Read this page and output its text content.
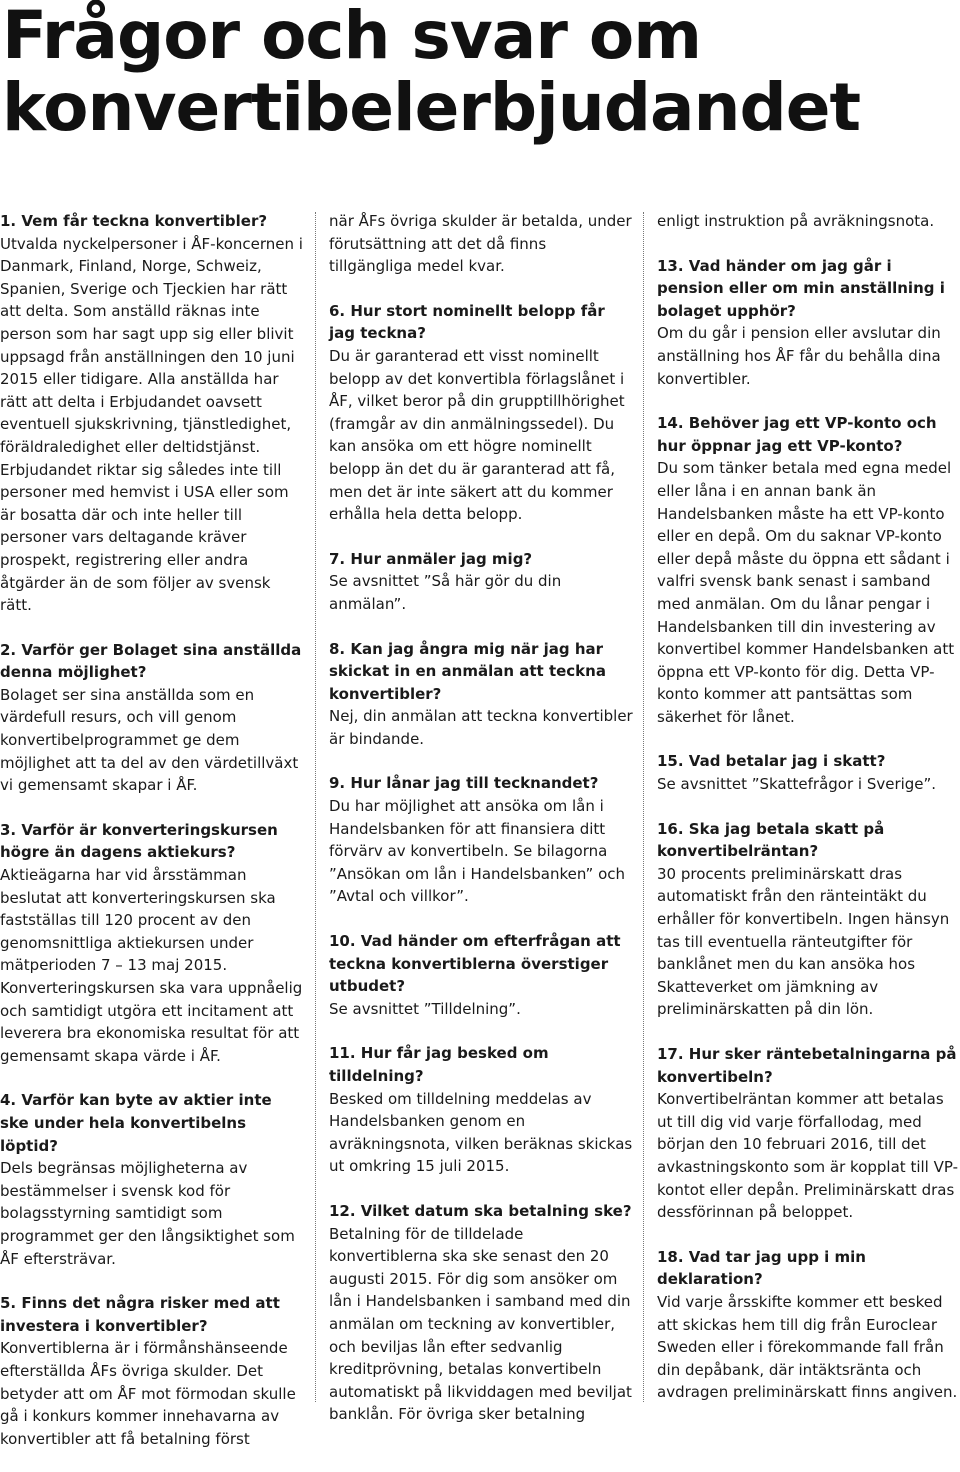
Frågor och svar om konvertibelerbjudandet

1. Vem får teckna konvertibler?

Utvalda nyckelpersoner i ÅF-koncernen i Danmark, Finland, Norge, Schweiz, Spanien, Sverige och Tjeckien har rätt att delta. Som anställd räknas inte person som har sagt upp sig eller blivit uppsagd från anställningen den 10 juni 2015 eller tidigare. Alla anställda har rätt att delta i Erbjudandet oavsett eventuell sjukskrivning, tjänstledighet, föräldraledighet eller deltidstjänst. Erbjudandet riktar sig således inte till personer med hemvist i USA eller som är bosatta där och inte heller till personer vars deltagande kräver prospekt, registrering eller andra åtgärder än de som följer av svensk rätt.

2. Varför ger Bolaget sina anställda denna möjlighet?

Bolaget ser sina anställda som en värdefull resurs, och vill genom konvertibelprogrammet ge dem möjlighet att ta del av den värdetillväxt vi gemensamt skapar i ÅF.

3. Varför är konverteringskursen högre än dagens aktiekurs?

Aktieägarna har vid årsstämman beslutat att konverteringskursen ska fastställas till 120 procent av den genomsnittliga aktiekursen under mätperioden 7 – 13 maj 2015. Konverteringskursen ska vara uppnåelig och samtidigt utgöra ett incitament att leverera bra ekonomiska resultat för att gemensamt skapa värde i ÅF.

4. Varför kan byte av aktier inte ske under hela konvertibelns löptid?

Dels begränsas möjligheterna av bestämmelser i svensk kod för bolagsstyrning samtidigt som programmet ger den långsiktighet som ÅF eftersträvar.

5. Finns det några risker med att investera i konvertibler?

Konvertiblerna är i förmånshänseende efterställda ÅFs övriga skulder. Det betyder att om ÅF mot förmodan skulle gå i konkurs kommer innehavarna av konvertibler att få betalning först

när ÅFs övriga skulder är betalda, under förutsättning att det då finns tillgängliga medel kvar.

6. Hur stort nominellt belopp får jag teckna?

Du är garanterad ett visst nominellt belopp av det konvertibla förlagslånet i ÅF, vilket beror på din grupptillhörighet (framgår av din anmälningssedel). Du kan ansöka om ett högre nominellt belopp än det du är garanterad att få, men det är inte säkert att du kommer erhålla hela detta belopp.

7. Hur anmäler jag mig?

Se avsnittet ”Så här gör du din anmälan”.

8. Kan jag ångra mig när jag har skickat in en anmälan att teckna konvertibler?

Nej, din anmälan att teckna konvertibler är bindande.

9. Hur lånar jag till tecknandet?

Du har möjlighet att ansöka om lån i Handelsbanken för att finansiera ditt förvärv av konvertibeln. Se bilagorna ”Ansökan om lån i Handelsbanken” och ”Avtal och villkor”.

10. Vad händer om efterfrågan att teckna konvertiblerna överstiger utbudet?

Se avsnittet ”Tilldelning”.

11. Hur får jag besked om tilldelning?

Besked om tilldelning meddelas av Handelsbanken genom en avräkningsnota, vilken beräknas skickas ut omkring 15 juli 2015.

12. Vilket datum ska betalning ske?

Betalning för de tilldelade konvertiblerna ska ske senast den 20 augusti 2015. För dig som ansöker om lån i Handelsbanken i samband med din anmälan om teckning av konvertibler, och beviljas lån efter sedvanlig kreditprövning, betalas konvertibeln automatiskt på likviddagen med beviljat banklån. För övriga sker betalning

enligt instruktion på avräkningsnota.

13. Vad händer om jag går i pension eller om min anställning i bolaget upphör?

Om du går i pension eller avslutar din anställning hos ÅF får du behålla dina konvertibler.

14. Behöver jag ett VP-konto och hur öppnar jag ett VP-konto?

Du som tänker betala med egna medel eller låna i en annan bank än Handelsbanken måste ha ett VP-konto eller en depå. Om du saknar VP-konto eller depå måste du öppna ett sådant i valfri svensk bank senast i samband med anmälan. Om du lånar pengar i Handelsbanken till din investering av konvertibel kommer Handelsbanken att öppna ett VP-konto för dig. Detta VP-konto kommer att pantsättas som säkerhet för lånet.

15. Vad betalar jag i skatt?

Se avsnittet ”Skattefrågor i Sverige”.

16. Ska jag betala skatt på konvertibelräntan?

30 procents preliminärskatt dras automatiskt från den ränteintäkt du erhåller för konvertibeln. Ingen hänsyn tas till eventuella ränteutgifter för banklånet men du kan ansöka hos Skatteverket om jämkning av preliminärskatten på din lön.

17. Hur sker räntebetalningarna på konvertibeln?

Konvertibelräntan kommer att betalas ut till dig vid varje förfallodag, med början den 10 februari 2016, till det avkastningskonto som är kopplat till VP-kontot eller depån. Preliminärskatt dras dessförinnan på beloppet.

18. Vad tar jag upp i min deklaration?

Vid varje årsskifte kommer ett besked att skickas hem till dig från Euroclear Sweden eller i förekommande fall från din depåbank, där intäktsränta och avdragen preliminärskatt finns angiven.
